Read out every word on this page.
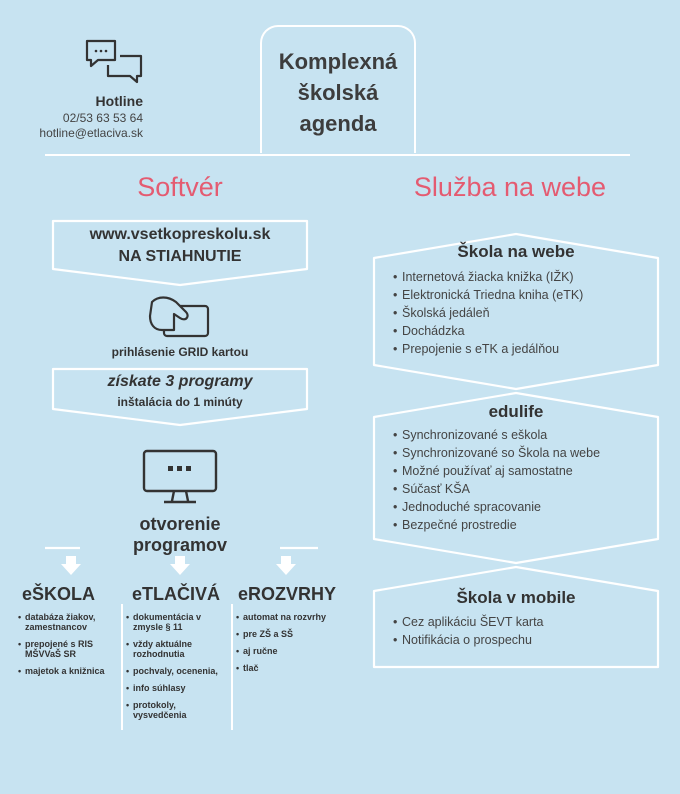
Hotline
02/53 63 53 64
hotline@etlaciva.sk
Komplexná
školská
agenda
Softvér
www.vsetkopreskolu.sk
NA STIAHNUTIE
prihlásenie GRID kartou
získate 3 programy
inštalácia do 1 minúty
otvorenie
programov
eŠKOLA
• databáza žiakov, zamestnancov
• prepojené s RIS MŠVVaŠ SR
• majetok a knižnica
eTLAČIVÁ
• dokumentácia v zmysle § 11
• vždy aktuálne rozhodnutia
• pochvaly, ocenenia,
• info súhlasy
• protokoly, vysvedčenia
eROZVRHY
• automat na rozvrhy
• pre ZŠ a SŠ
• aj ručne
• tlač
Služba na webe
Škola na webe
• Internetová žiacka knižka (IŽK)
• Elektronická Triedna kniha (eTK)
• Školská jedáleň
• Dochádzka
• Prepojenie s eTK a jedálňou
edulife
• Synchronizované s eškola
• Synchronizované so Škola na webe
• Možné používať aj samostatne
• Súčasť KŠA
• Jednoduché spracovanie
• Bezpečné prostredie
Škola v mobile
• Cez aplikáciu ŠEVT karta
• Notifikácia o prospechu
